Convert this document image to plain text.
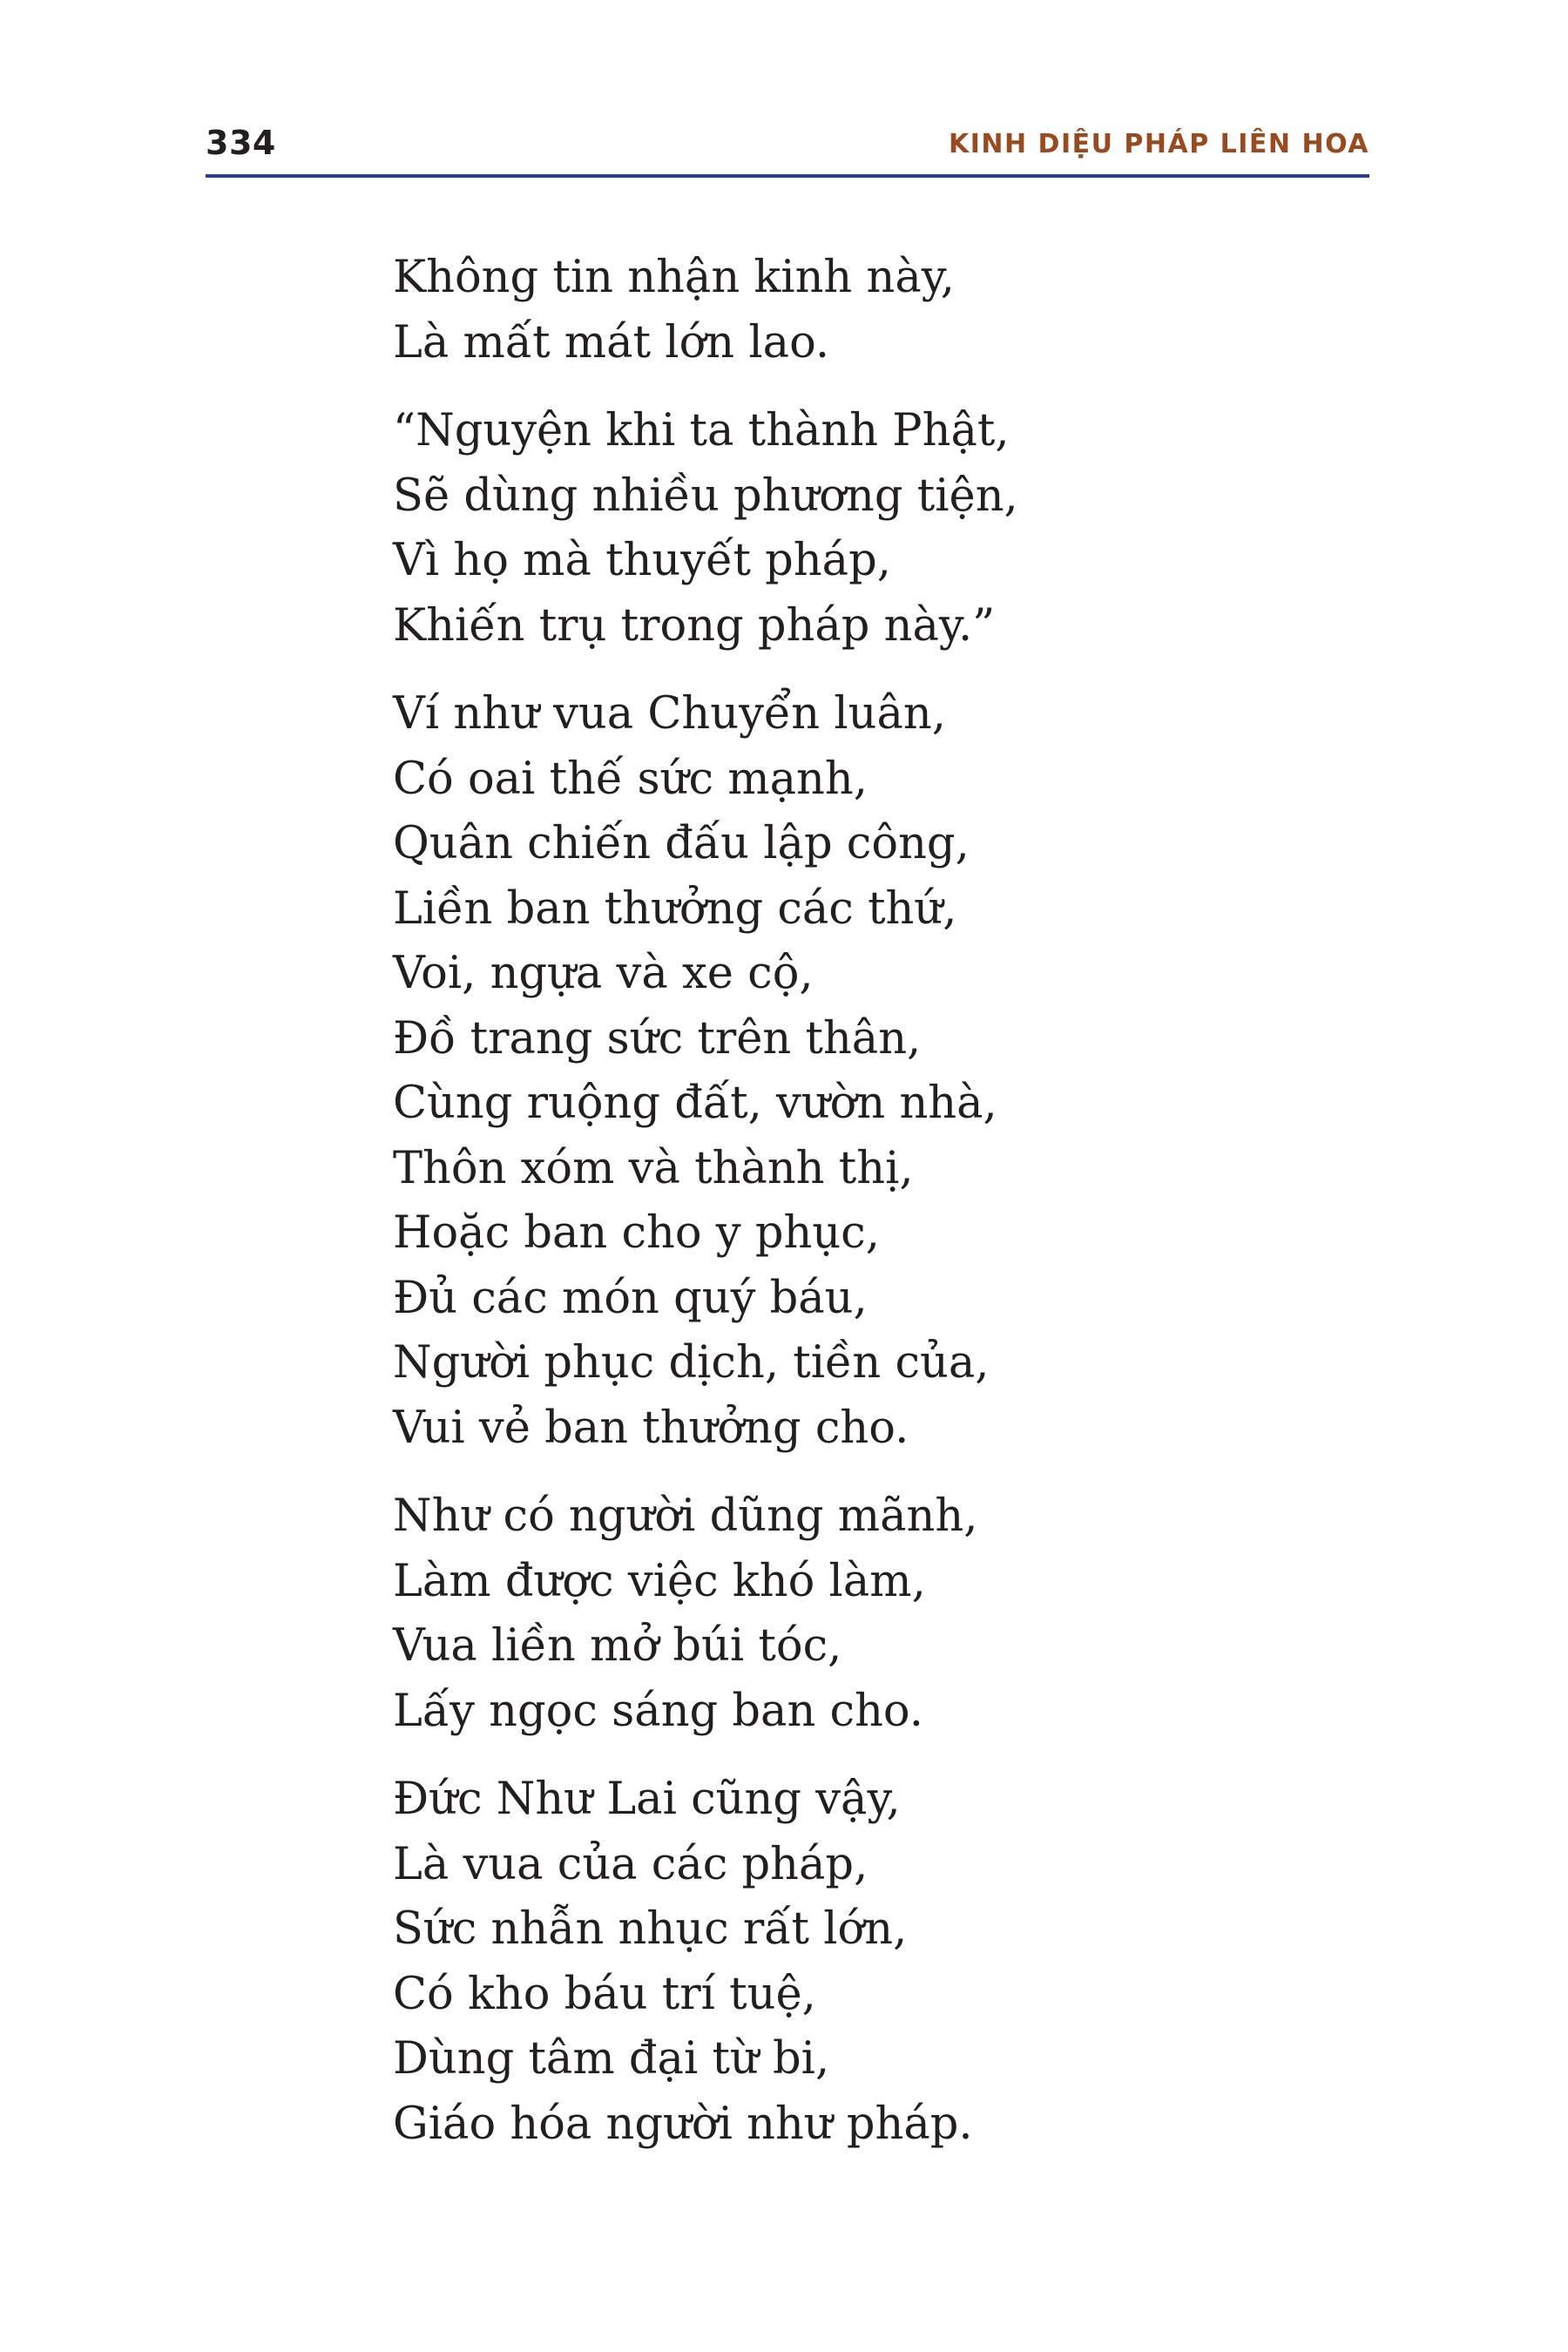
334	KINH DIỆU PHÁP LIÊN HOA
Không tin nhận kinh này,
Là mất mát lớn lao.
“Nguyện khi ta thành Phật,
Sẽ dùng nhiều phương tiện,
Vì họ mà thuyết pháp,
Khiến trụ trong pháp này.”
Ví như vua Chuyển luân,
Có oai thế sức mạnh,
Quân chiến đấu lập công,
Liền ban thưởng các thứ,
Voi, ngựa và xe cộ,
Đồ trang sức trên thân,
Cùng ruộng đất, vườn nhà,
Thôn xóm và thành thị,
Hoặc ban cho y phục,
Đủ các món quý báu,
Người phục dịch, tiền của,
Vui vẻ ban thưởng cho.
Như có người dũng mãnh,
Làm được việc khó làm,
Vua liền mở búi tóc,
Lấy ngọc sáng ban cho.
Đức Như Lai cũng vậy,
Là vua của các pháp,
Sức nhẫn nhục rất lớn,
Có kho báu trí tuệ,
Dùng tâm đại từ bi,
Giáo hóa người như pháp.
